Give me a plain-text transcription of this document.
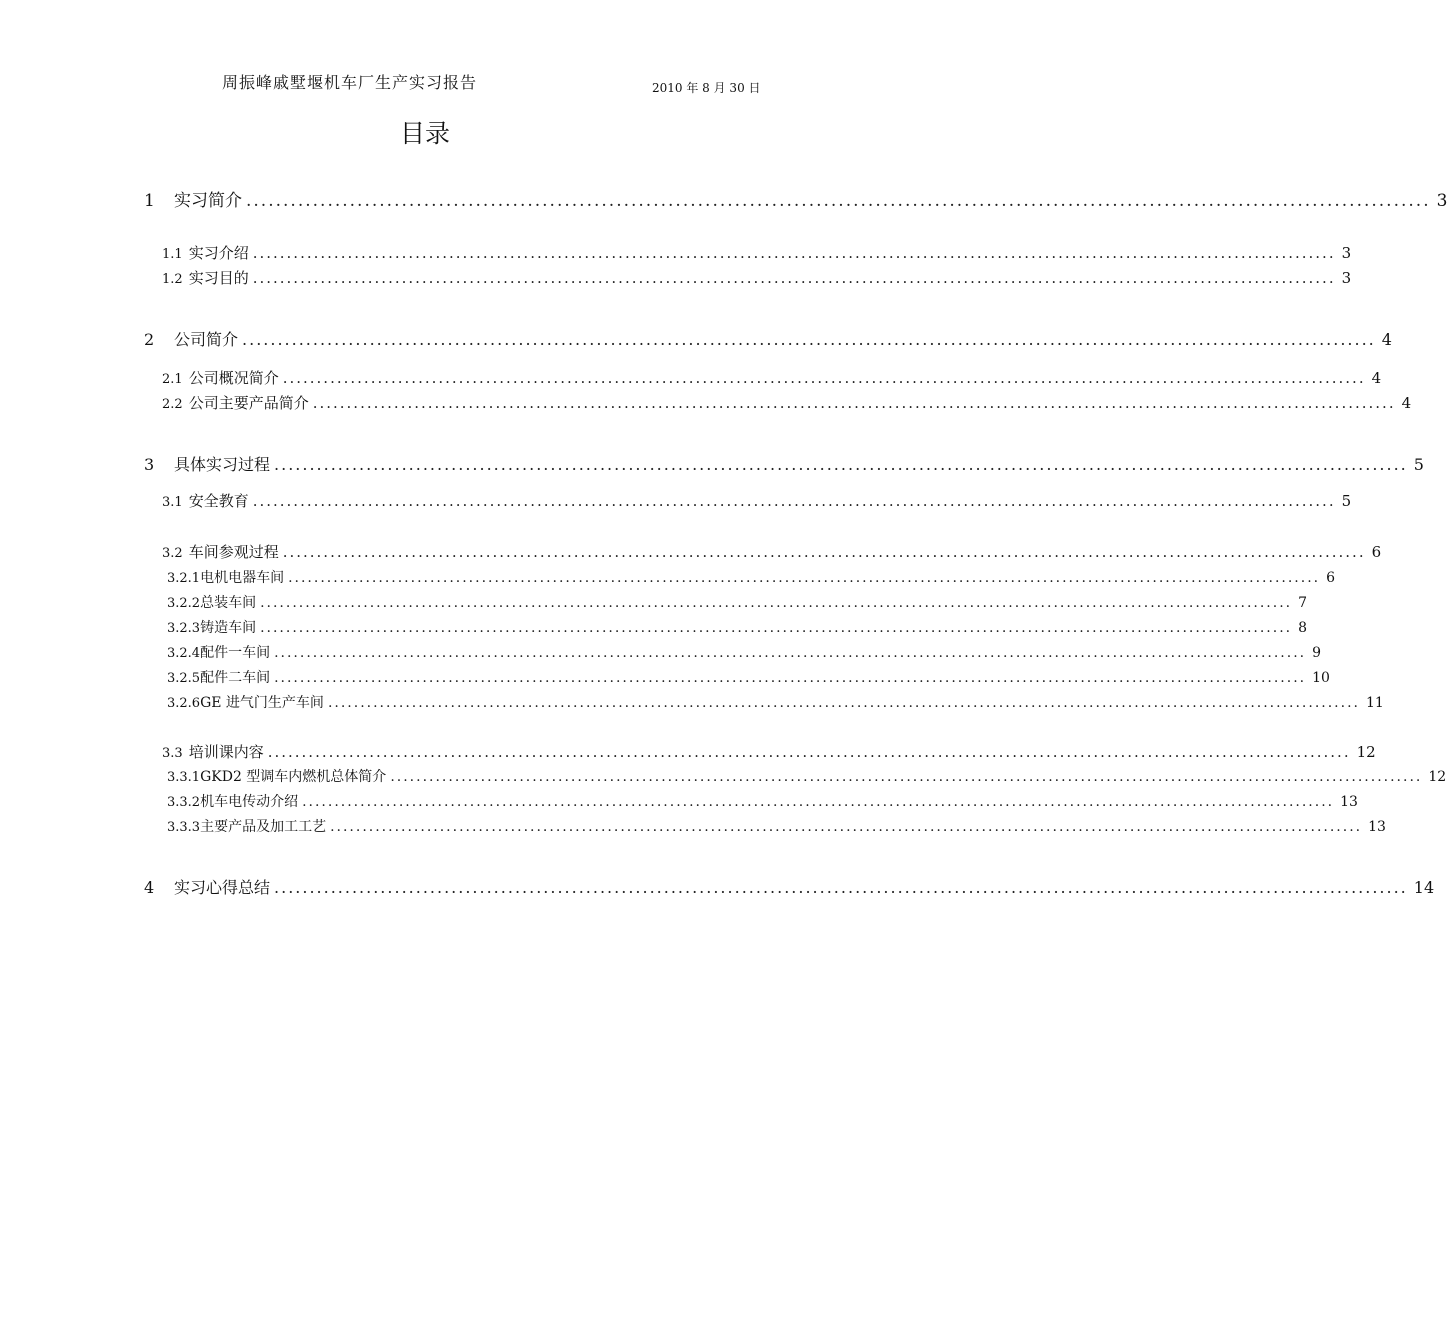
周振峰戚墅堰机车厂生产实习报告	2010 年 8 月 30 日
目录
1	实习简介 ................................................................................................................................................................ 3
1.1 实习介绍 ................................................................................................................................................................ 3
1.2 实习目的 ................................................................................................................................................................ 3
2	公司简介 ................................................................................................................................................................ 4
2.1 公司概况简介 ................................................................................................................................................................ 4
2.2 公司主要产品简介 ................................................................................................................................................................ 4
3	具体实习过程 ................................................................................................................................................................ 5
3.1 安全教育 ................................................................................................................................................................ 5
3.2 车间参观过程 ................................................................................................................................................................ 6
3.2.1 电机电器车间 ................................................................................................................................................................ 6
3.2.2 总装车间 ................................................................................................................................................................ 7
3.2.3 铸造车间 ................................................................................................................................................................ 8
3.2.4 配件一车间 ................................................................................................................................................................ 9
3.2.5 配件二车间 ................................................................................................................................................................ 10
3.2.6 GE 进气门生产车间 ................................................................................................................................................................ 11
3.3 培训课内容 ................................................................................................................................................................ 12
3.3.1 GKD2 型调车内燃机总体简介 ................................................................................................................................................................ 12
3.3.2 机车电传动介绍 ................................................................................................................................................................ 13
3.3.3 主要产品及加工工艺 ................................................................................................................................................................ 13
4	实习心得总结 ................................................................................................................................................................ 14
